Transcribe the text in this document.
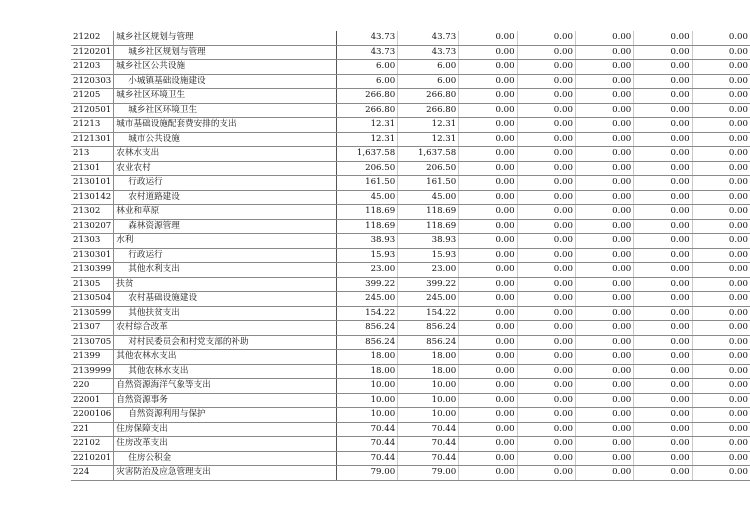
21202	城乡社区规划与管理	43.73	43.73	0.00	0.00	0.00	0.00	0.00
2120201	城乡社区规划与管理	43.73	43.73	0.00	0.00	0.00	0.00	0.00
21203	城乡社区公共设施	6.00	6.00	0.00	0.00	0.00	0.00	0.00
2120303	小城镇基础设施建设	6.00	6.00	0.00	0.00	0.00	0.00	0.00
21205	城乡社区环境卫生	266.80	266.80	0.00	0.00	0.00	0.00	0.00
2120501	城乡社区环境卫生	266.80	266.80	0.00	0.00	0.00	0.00	0.00
21213	城市基础设施配套费安排的支出	12.31	12.31	0.00	0.00	0.00	0.00	0.00
2121301	城市公共设施	12.31	12.31	0.00	0.00	0.00	0.00	0.00
213	农林水支出	1,637.58	1,637.58	0.00	0.00	0.00	0.00	0.00
21301	农业农村	206.50	206.50	0.00	0.00	0.00	0.00	0.00
2130101	行政运行	161.50	161.50	0.00	0.00	0.00	0.00	0.00
2130142	农村道路建设	45.00	45.00	0.00	0.00	0.00	0.00	0.00
21302	林业和草原	118.69	118.69	0.00	0.00	0.00	0.00	0.00
2130207	森林资源管理	118.69	118.69	0.00	0.00	0.00	0.00	0.00
21303	水利	38.93	38.93	0.00	0.00	0.00	0.00	0.00
2130301	行政运行	15.93	15.93	0.00	0.00	0.00	0.00	0.00
2130399	其他水利支出	23.00	23.00	0.00	0.00	0.00	0.00	0.00
21305	扶贫	399.22	399.22	0.00	0.00	0.00	0.00	0.00
2130504	农村基础设施建设	245.00	245.00	0.00	0.00	0.00	0.00	0.00
2130599	其他扶贫支出	154.22	154.22	0.00	0.00	0.00	0.00	0.00
21307	农村综合改革	856.24	856.24	0.00	0.00	0.00	0.00	0.00
2130705	对村民委员会和村党支部的补助	856.24	856.24	0.00	0.00	0.00	0.00	0.00
21399	其他农林水支出	18.00	18.00	0.00	0.00	0.00	0.00	0.00
2139999	其他农林水支出	18.00	18.00	0.00	0.00	0.00	0.00	0.00
220	自然资源海洋气象等支出	10.00	10.00	0.00	0.00	0.00	0.00	0.00
22001	自然资源事务	10.00	10.00	0.00	0.00	0.00	0.00	0.00
2200106	自然资源利用与保护	10.00	10.00	0.00	0.00	0.00	0.00	0.00
221	住房保障支出	70.44	70.44	0.00	0.00	0.00	0.00	0.00
22102	住房改革支出	70.44	70.44	0.00	0.00	0.00	0.00	0.00
2210201	住房公积金	70.44	70.44	0.00	0.00	0.00	0.00	0.00
224	灾害防治及应急管理支出	79.00	79.00	0.00	0.00	0.00	0.00	0.00
